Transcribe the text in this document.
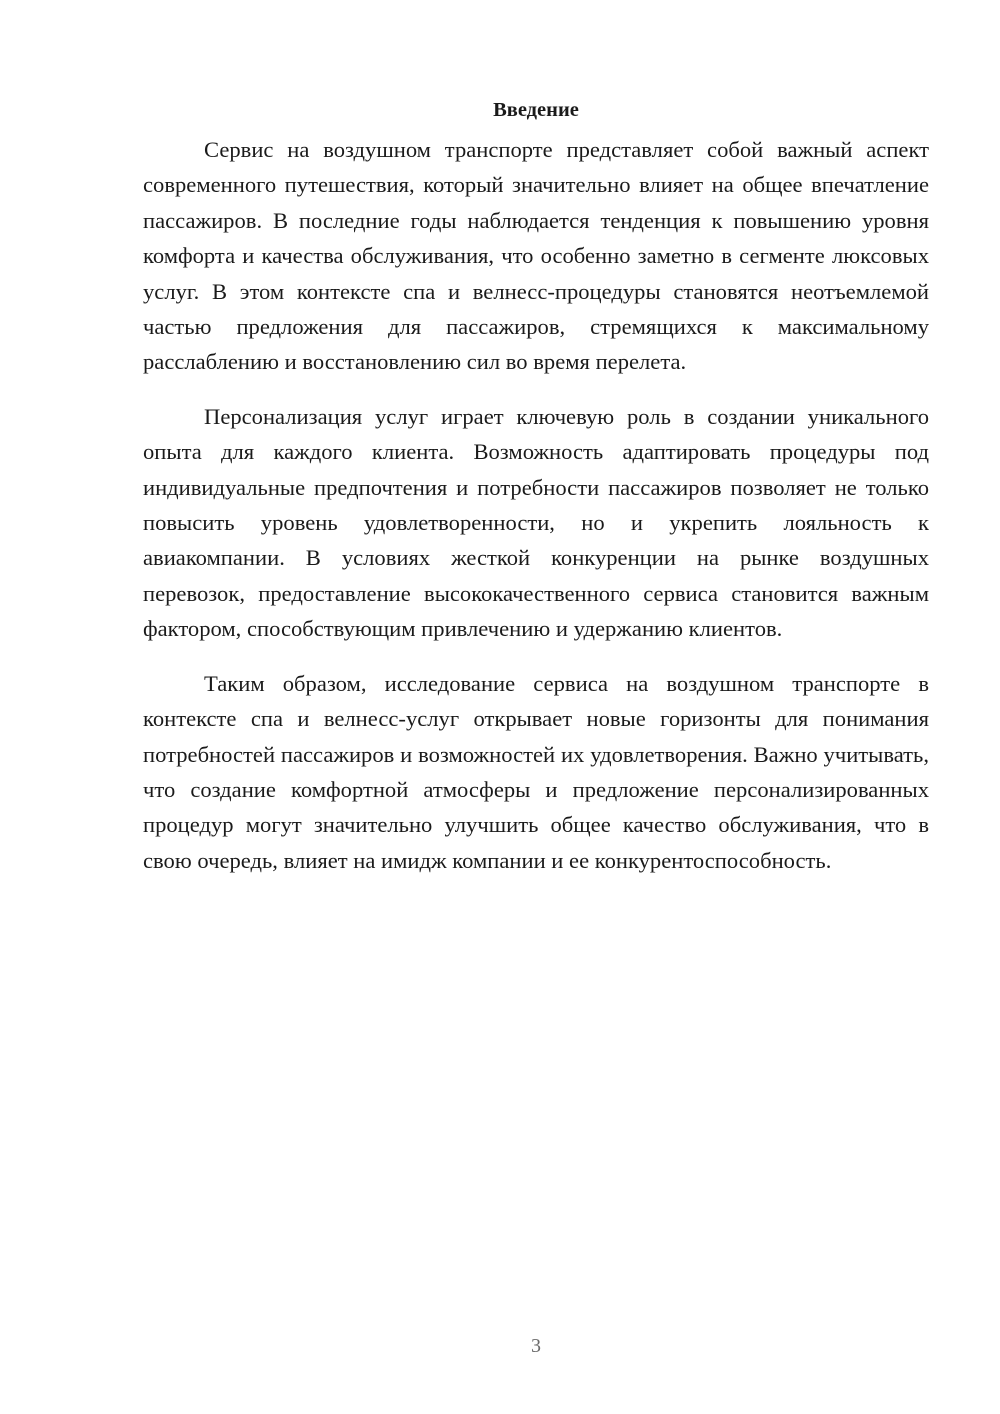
Введение

Сервис на воздушном транспорте представляет собой важный аспект современного путешествия, который значительно влияет на общее впечатление пассажиров. В последние годы наблюдается тенденция к повышению уровня комфорта и качества обслуживания, что особенно заметно в сегменте люксовых услуг. В этом контексте спа и велнесс-процедуры становятся неотъемлемой частью предложения для пассажиров, стремящихся к максимальному расслаблению и восстановлению сил во время перелета.

Персонализация услуг играет ключевую роль в создании уникального опыта для каждого клиента. Возможность адаптировать процедуры под индивидуальные предпочтения и потребности пассажиров позволяет не только повысить уровень удовлетворенности, но и укрепить лояльность к авиакомпании. В условиях жесткой конкуренции на рынке воздушных перевозок, предоставление высококачественного сервиса становится важным фактором, способствующим привлечению и удержанию клиентов.

Таким образом, исследование сервиса на воздушном транспорте в контексте спа и велнесс-услуг открывает новые горизонты для понимания потребностей пассажиров и возможностей их удовлетворения. Важно учитывать, что создание комфортной атмосферы и предложение персонализированных процедур могут значительно улучшить общее качество обслуживания, что в свою очередь, влияет на имидж компании и ее конкурентоспособность.

3
